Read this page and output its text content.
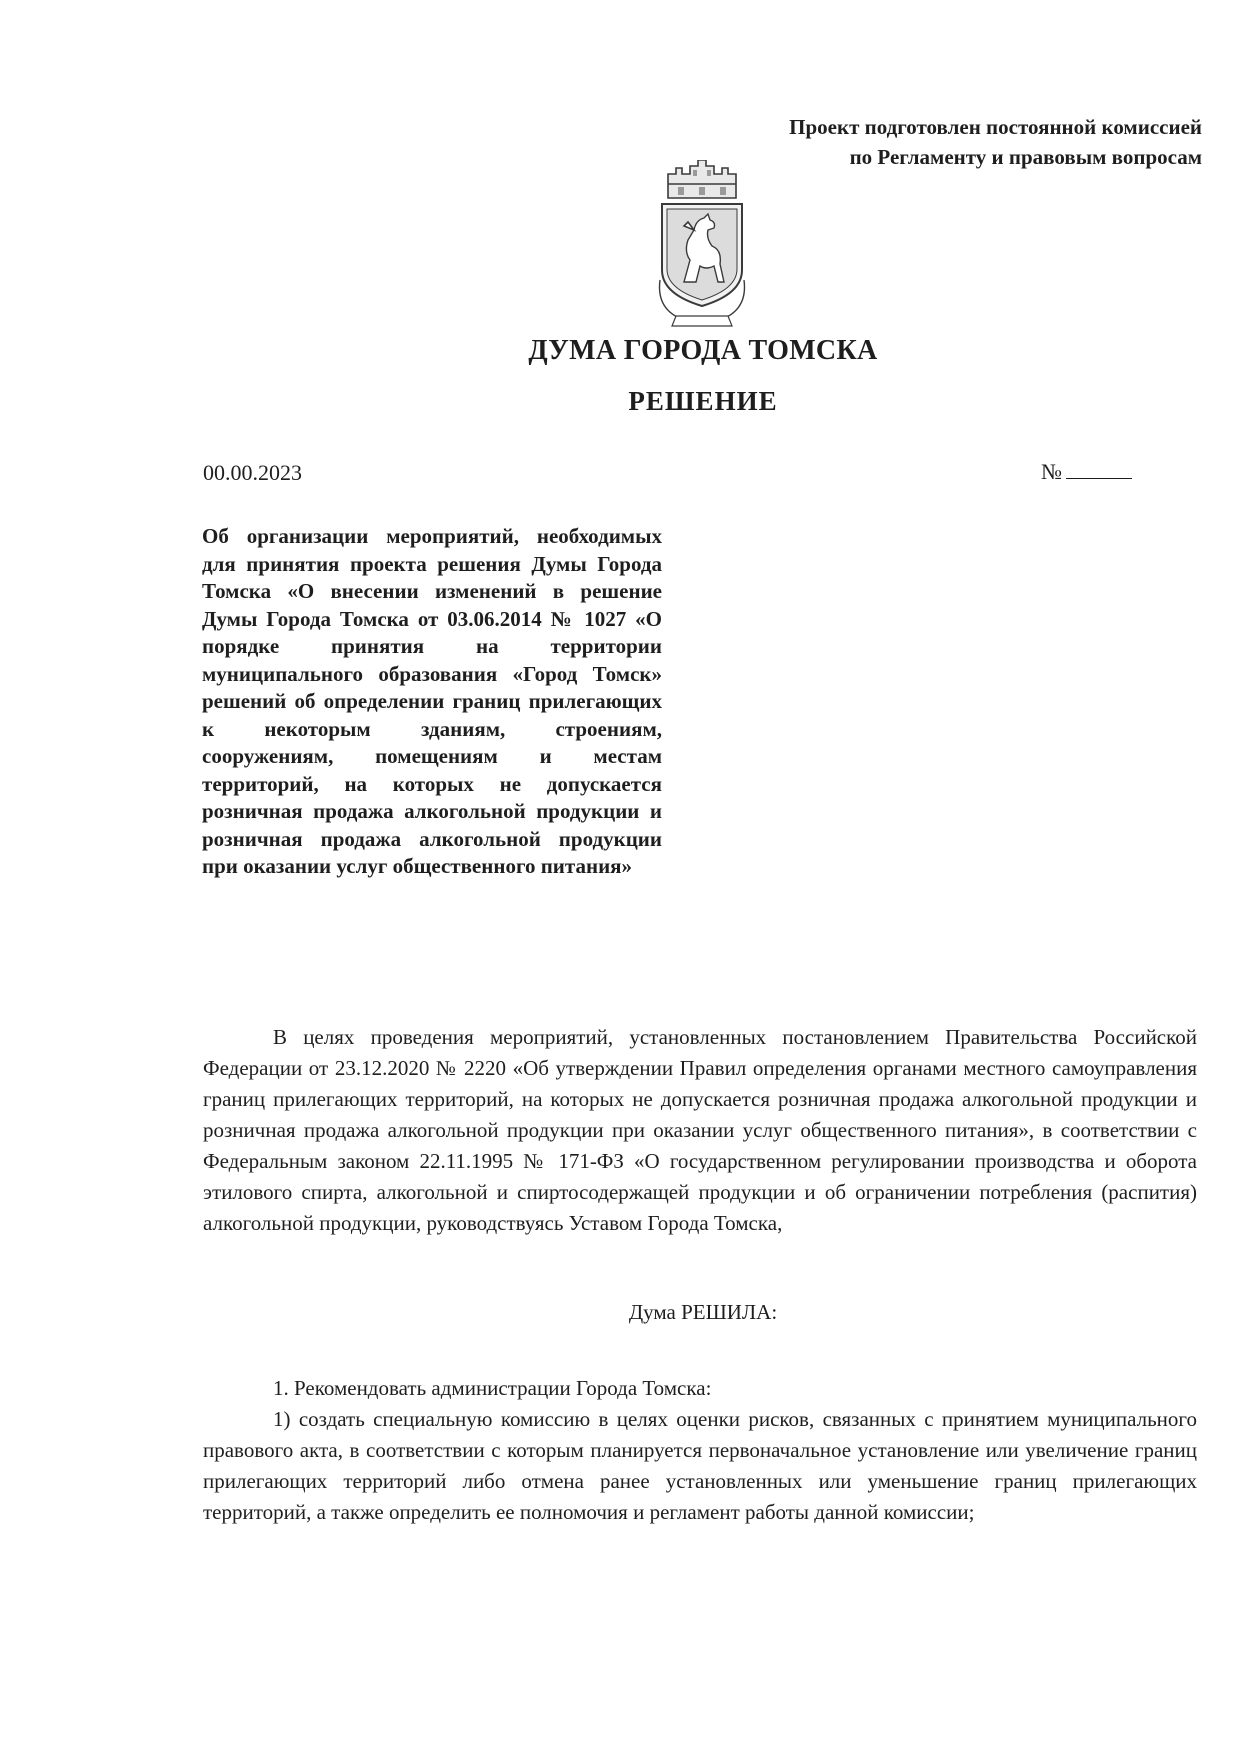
Проект подготовлен постоянной комиссией
по Регламенту и правовым вопросам
ДУМА ГОРОДА ТОМСКА
РЕШЕНИЕ
00.00.2023	№
Об организации мероприятий, необходимых для принятия проекта решения Думы Города Томска «О внесении изменений в решение Думы Города Томска от 03.06.2014 № 1027 «О порядке принятия на территории муниципального образования «Город Томск» решений об определении границ прилегающих к некоторым зданиям, строениям, сооружениям, помещениям и местам территорий, на которых не допускается розничная продажа алкогольной продукции и розничная продажа алкогольной продукции при оказании услуг общественного питания»

В целях проведения мероприятий, установленных постановлением Правительства Российской Федерации от 23.12.2020 № 2220 «Об утверждении Правил определения органами местного самоуправления границ прилегающих территорий, на которых не допускается розничная продажа алкогольной продукции и розничная продажа алкогольной продукции при оказании услуг общественного питания», в соответствии с Федеральным законом 22.11.1995 № 171-ФЗ «О государственном регулировании производства и оборота этилового спирта, алкогольной и спиртосодержащей продукции и об ограничении потребления (распития) алкогольной продукции, руководствуясь Уставом Города Томска,

Дума РЕШИЛА:

1. Рекомендовать администрации Города Томска:

1) создать специальную комиссию в целях оценки рисков, связанных с принятием муниципального правового акта, в соответствии с которым планируется первоначальное установление или увеличение границ прилегающих территорий либо отмена ранее установленных или уменьшение границ прилегающих территорий, а также определить ее полномочия и регламент работы данной комиссии;
